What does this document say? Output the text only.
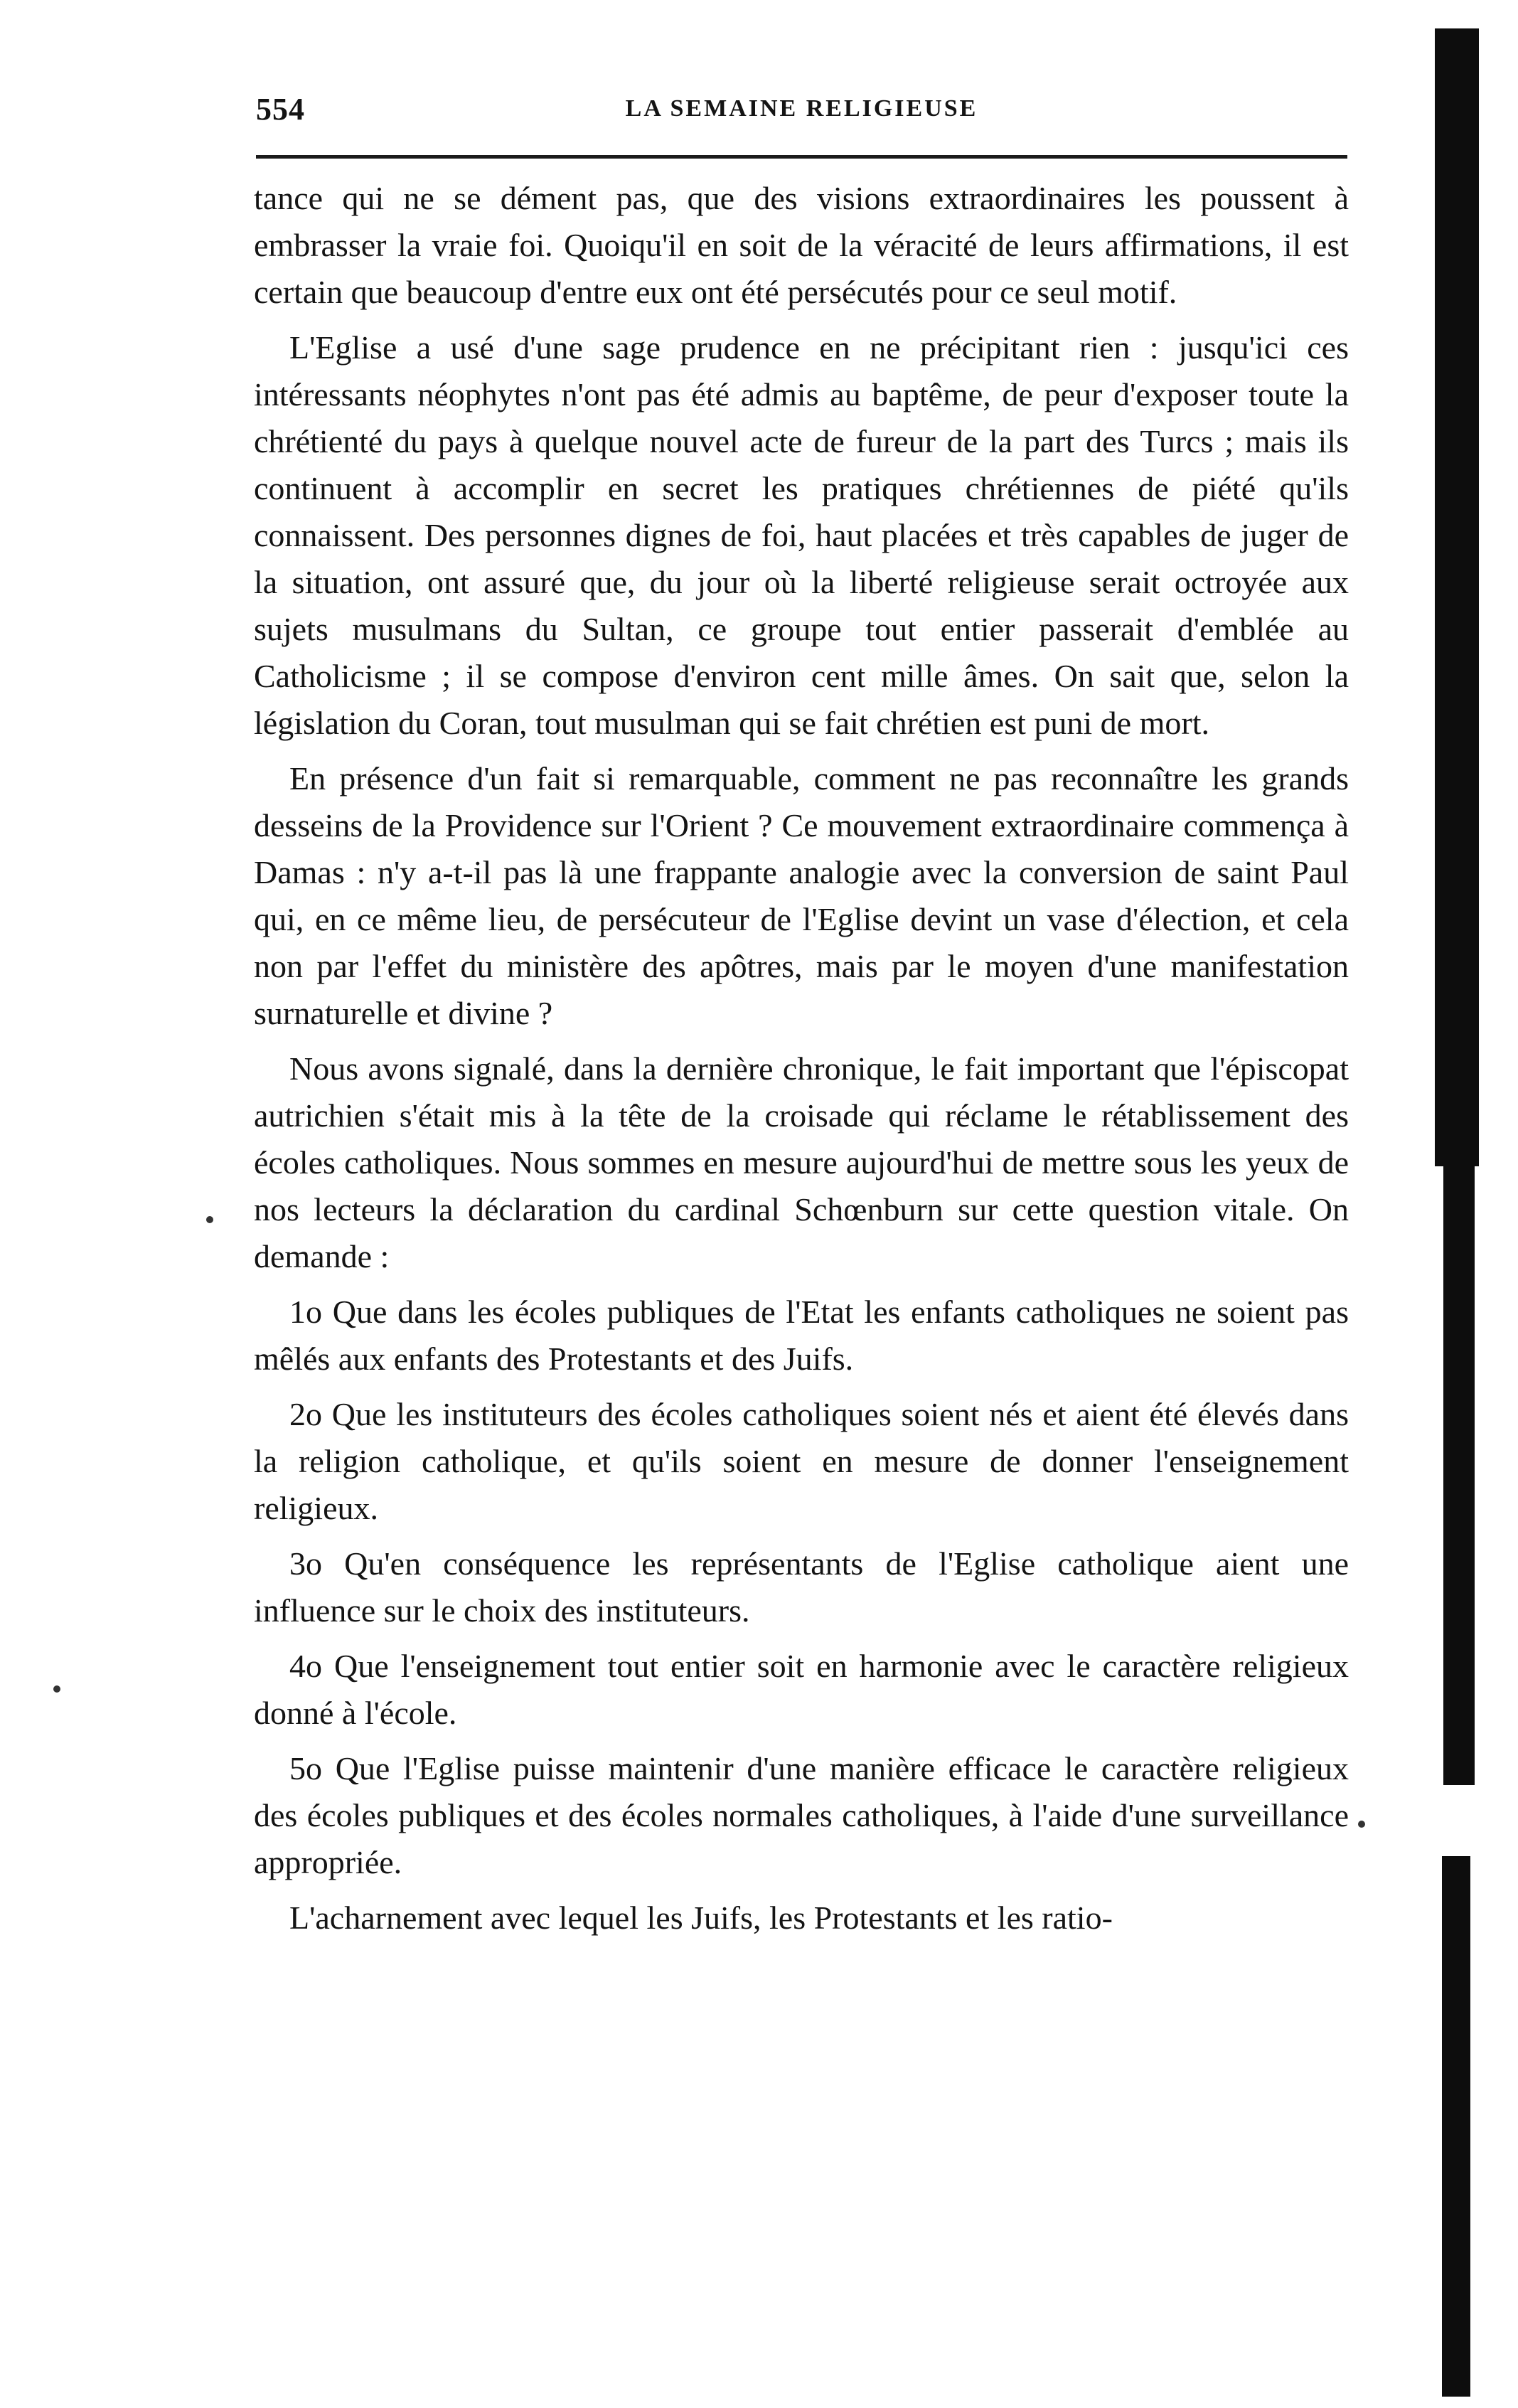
554	LA SEMAINE RELIGIEUSE

tance qui ne se dément pas, que des visions extraordinaires les poussent à embrasser la vraie foi. Quoiqu'il en soit de la véracité de leurs affirmations, il est certain que beaucoup d'entre eux ont été persécutés pour ce seul motif.

L'Eglise a usé d'une sage prudence en ne précipitant rien : jusqu'ici ces intéressants néophytes n'ont pas été admis au baptême, de peur d'exposer toute la chrétienté du pays à quelque nouvel acte de fureur de la part des Turcs ; mais ils continuent à accomplir en secret les pratiques chrétiennes de piété qu'ils connaissent. Des personnes dignes de foi, haut placées et très capables de juger de la situation, ont assuré que, du jour où la liberté religieuse serait octroyée aux sujets musulmans du Sultan, ce groupe tout entier passerait d'emblée au Catholicisme ; il se compose d'environ cent mille âmes. On sait que, selon la législation du Coran, tout musulman qui se fait chrétien est puni de mort.

En présence d'un fait si remarquable, comment ne pas reconnaître les grands desseins de la Providence sur l'Orient ? Ce mouvement extraordinaire commença à Damas : n'y a-t-il pas là une frappante analogie avec la conversion de saint Paul qui, en ce même lieu, de persécuteur de l'Eglise devint un vase d'élection, et cela non par l'effet du ministère des apôtres, mais par le moyen d'une manifestation surnaturelle et divine ?

Nous avons signalé, dans la dernière chronique, le fait important que l'épiscopat autrichien s'était mis à la tête de la croisade qui réclame le rétablissement des écoles catholiques. Nous sommes en mesure aujourd'hui de mettre sous les yeux de nos lecteurs la déclaration du cardinal Schœnburn sur cette question vitale. On demande :

1o Que dans les écoles publiques de l'Etat les enfants catholiques ne soient pas mêlés aux enfants des Protestants et des Juifs.

2o Que les instituteurs des écoles catholiques soient nés et aient été élevés dans la religion catholique, et qu'ils soient en mesure de donner l'enseignement religieux.

3o Qu'en conséquence les représentants de l'Eglise catholique aient une influence sur le choix des instituteurs.

4o Que l'enseignement tout entier soit en harmonie avec le caractère religieux donné à l'école.

5o Que l'Eglise puisse maintenir d'une manière efficace le caractère religieux des écoles publiques et des écoles normales catholiques, à l'aide d'une surveillance appropriée.

L'acharnement avec lequel les Juifs, les Protestants et les ratio-
